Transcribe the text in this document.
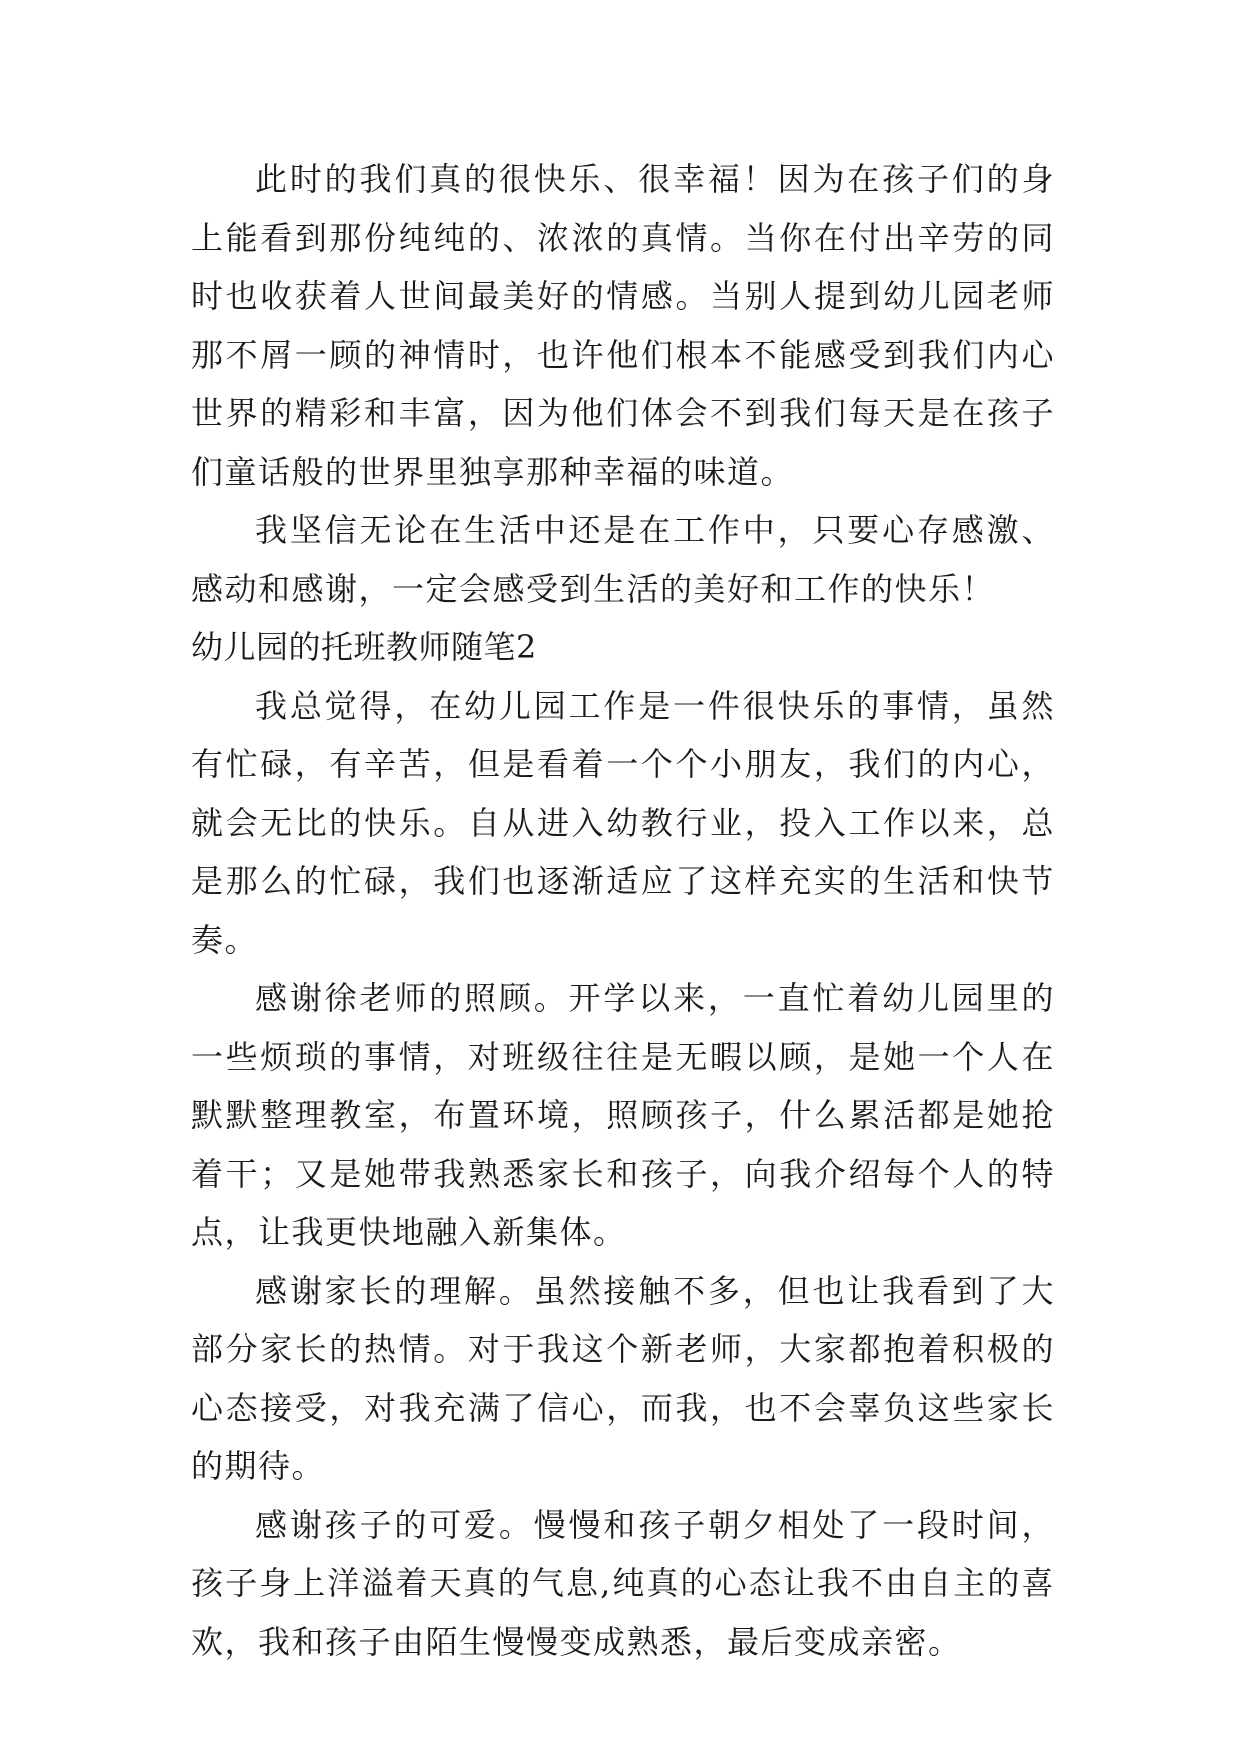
此时的我们真的很快乐、很幸福！因为在孩子们的身上能看到那份纯纯的、浓浓的真情。当你在付出辛劳的同时也收获着人世间最美好的情感。当别人提到幼儿园老师那不屑一顾的神情时，也许他们根本不能感受到我们内心世界的精彩和丰富，因为他们体会不到我们每天是在孩子们童话般的世界里独享那种幸福的味道。

我坚信无论在生活中还是在工作中，只要心存感激、感动和感谢，一定会感受到生活的美好和工作的快乐！

幼儿园的托班教师随笔2

我总觉得，在幼儿园工作是一件很快乐的事情，虽然有忙碌，有辛苦，但是看着一个个小朋友，我们的内心，就会无比的快乐。自从进入幼教行业，投入工作以来，总是那么的忙碌，我们也逐渐适应了这样充实的生活和快节奏。

感谢徐老师的照顾。开学以来，一直忙着幼儿园里的一些烦琐的事情，对班级往往是无暇以顾，是她一个人在默默整理教室，布置环境，照顾孩子，什么累活都是她抢着干；又是她带我熟悉家长和孩子，向我介绍每个人的特点，让我更快地融入新集体。

感谢家长的理解。虽然接触不多，但也让我看到了大部分家长的热情。对于我这个新老师，大家都抱着积极的心态接受，对我充满了信心，而我，也不会辜负这些家长的期待。

感谢孩子的可爱。慢慢和孩子朝夕相处了一段时间，孩子身上洋溢着天真的气息,纯真的心态让我不由自主的喜欢，我和孩子由陌生慢慢变成熟悉，最后变成亲密。
